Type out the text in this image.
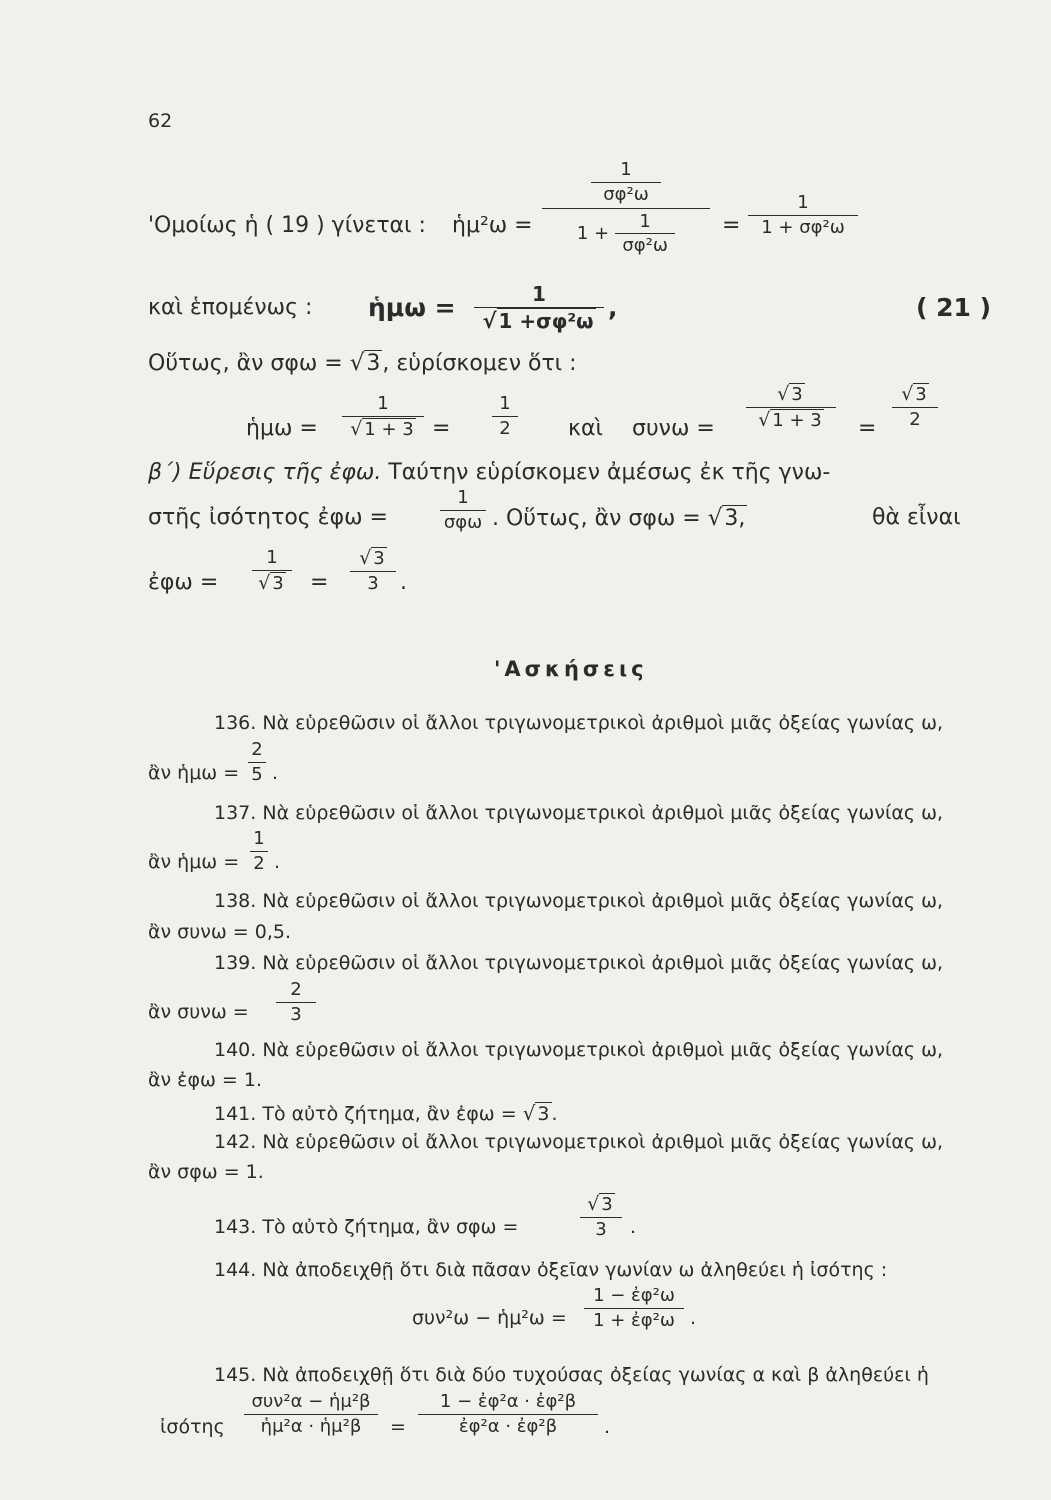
62
'Ομοίως ἡ ( 19 ) γίνεται : ἡμ²ω =
$\frac{1}{\text{σφ²ω}}$
$1 + \frac{1}{\text{σφ²ω}}$ =
1
1 + σφ²ω
καὶ ἑπομένως : ἡμω =	1
√ 1 +σφ²ω ,	( 21 )
Οὕτως, ἂν σφω = √3, εὑρίσκομεν ὅτι :
ἡμω =
1
√ 1 + 3 =
1
2	καὶ συνω =
√ 3
√ 1 + 3 =
√ 3
2
β΄) Εὕρεσις τῆς ἐφω. Ταύτην εὑρίσκομεν ἀμέσως ἐκ τῆς γνω-
στῆς ἰσότητος ἐφω =
1
σφω . Οὕτως, ἂν σφω = √3,	θὰ εἶναι
ἐφω =
1
√ 3 =
√ 3
3 .
'Ασκήσεις
136. Νὰ εὑρεθῶσιν οἱ ἄλλοι τριγωνομετρικοὶ ἀριθμοὶ μιᾶς ὀξείας γωνίας ω,
ἂν ἡμω =
2
5 .
137. Νὰ εὑρεθῶσιν οἱ ἄλλοι τριγωνομετρικοὶ ἀριθμοὶ μιᾶς ὀξείας γωνίας ω,
ἂν ἡμω =
1
2 .
138. Νὰ εὑρεθῶσιν οἱ ἄλλοι τριγωνομετρικοὶ ἀριθμοὶ μιᾶς ὀξείας γωνίας ω,
ἂν συνω = 0,5.
139. Νὰ εὑρεθῶσιν οἱ ἄλλοι τριγωνομετρικοὶ ἀριθμοὶ μιᾶς ὀξείας γωνίας ω,
ἂν συνω =
2
3
140. Νὰ εὑρεθῶσιν οἱ ἄλλοι τριγωνομετρικοὶ ἀριθμοὶ μιᾶς ὀξείας γωνίας ω,
ἂν ἐφω = 1.
141. Τὸ αὐτὸ ζήτημα, ἂν ἐφω = √ 3 .
142. Νὰ εὑρεθῶσιν οἱ ἄλλοι τριγωνομετρικοὶ ἀριθμοὶ μιᾶς ὀξείας γωνίας ω,
ἂν σφω = 1.
143. Τὸ αὐτὸ ζήτημα, ἂν σφω =
√ 3
3 .
144. Νὰ ἀποδειχθῇ ὅτι διὰ πᾶσαν ὀξεῖαν γωνίαν ω ἀληθεύει ἡ ἰσότης :
συν²ω − ἡμ²ω =
1 − ἐφ²ω
1 + ἐφ²ω .
145. Νὰ ἀποδειχθῇ ὅτι διὰ δύο τυχούσας ὀξείας γωνίας α καὶ β ἀληθεύει ἡ
ἰσότης
συν²α − ἡμ²β
ἡμ²α · ἡμ²β =
1 − ἐφ²α · ἐφ²β
ἐφ²α · ἐφ²β .
